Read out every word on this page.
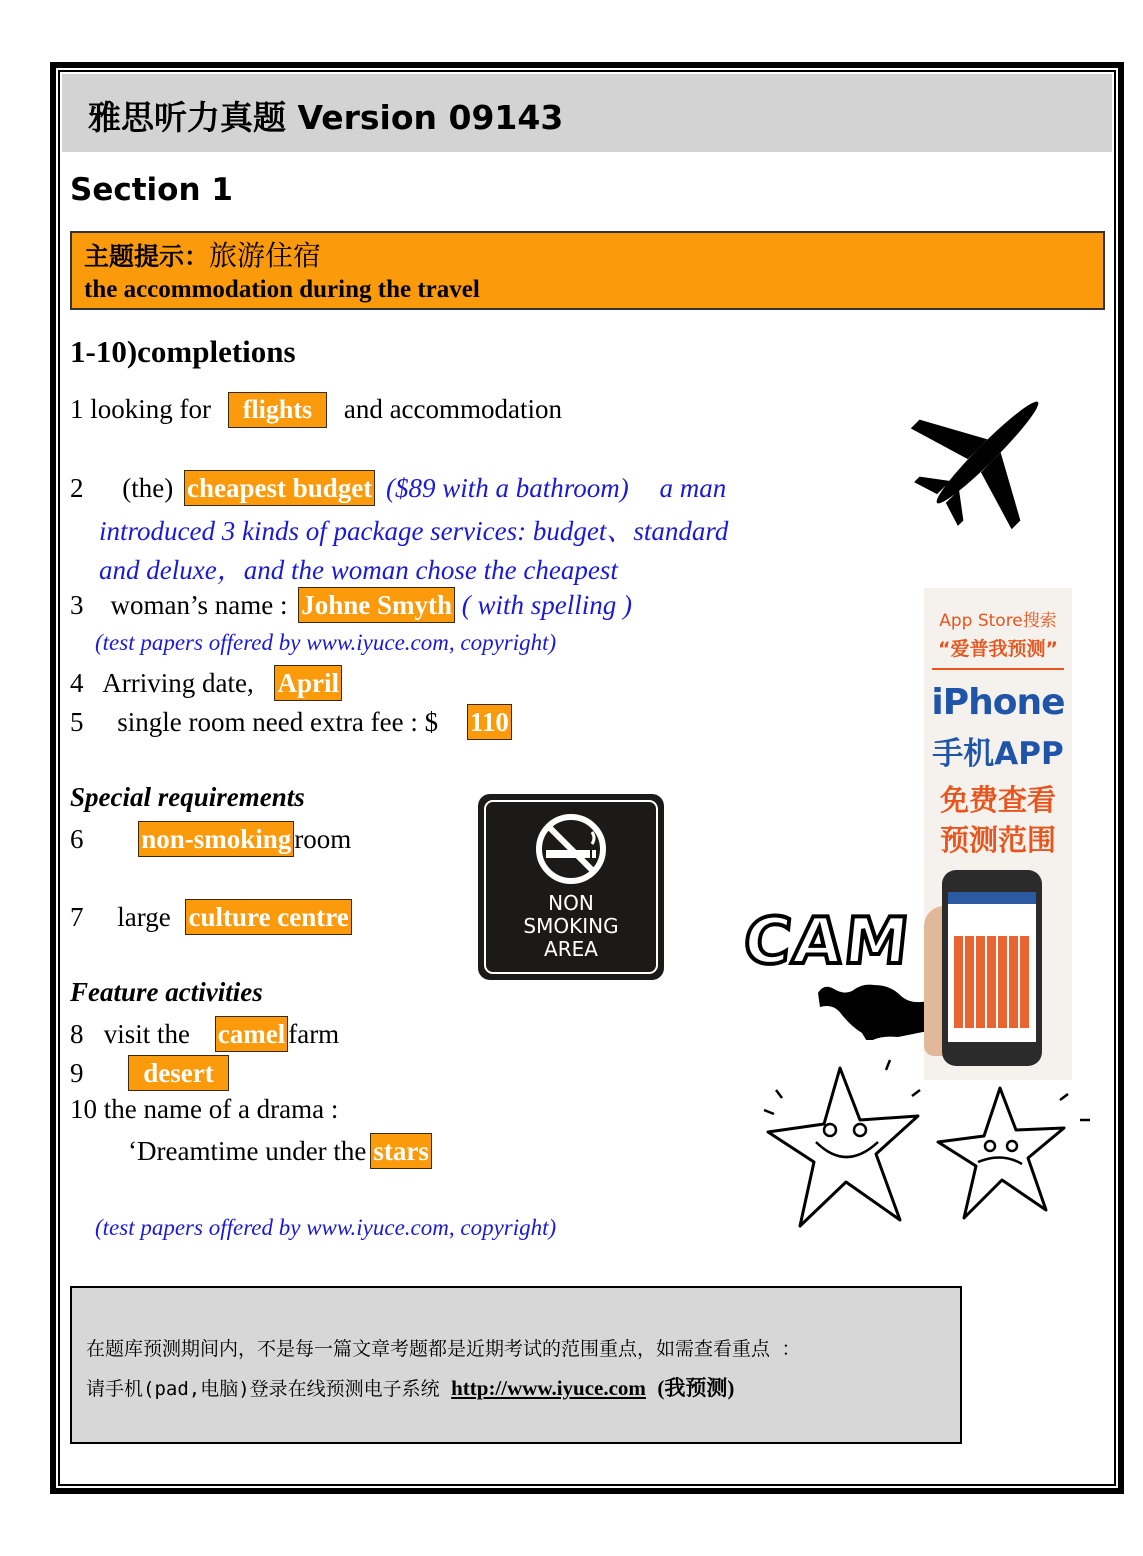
雅思听力真题 Version 09143
Section 1
主题提示：旅游住宿
the accommodation during the travel
1-10)completions
1 looking for flights and accommodation
2 (the) cheapest budget ($89 with a bathroom) a man
introduced 3 kinds of package services: budget、standard
and deluxe，and the woman chose the cheapest
3    woman’s name : Johne Smyth ( with spelling )
(test papers offered by www.iyuce.com, copyright)
4   Arriving date, April
5     single room need extra fee : $ 110
Special requirements
6 non-smoking room
7     large culture centre
Feature activities
8   visit the camel farm
9 desert
10 the name of a drama :
‘Dreamtime under the stars
(test papers offered by www.iyuce.com, copyright)
NON
SMOKING
AREA	CAM
App Store搜索
“爱普我预测”
iPhone
手机APP
免费查看
预测范围
在题库预测期间内，不是每一篇文章考题都是近期考试的范围重点，如需查看重点 ：
请手机(pad,电脑)登录在线预测电子系统 http://www.iyuce.com (我预测)
